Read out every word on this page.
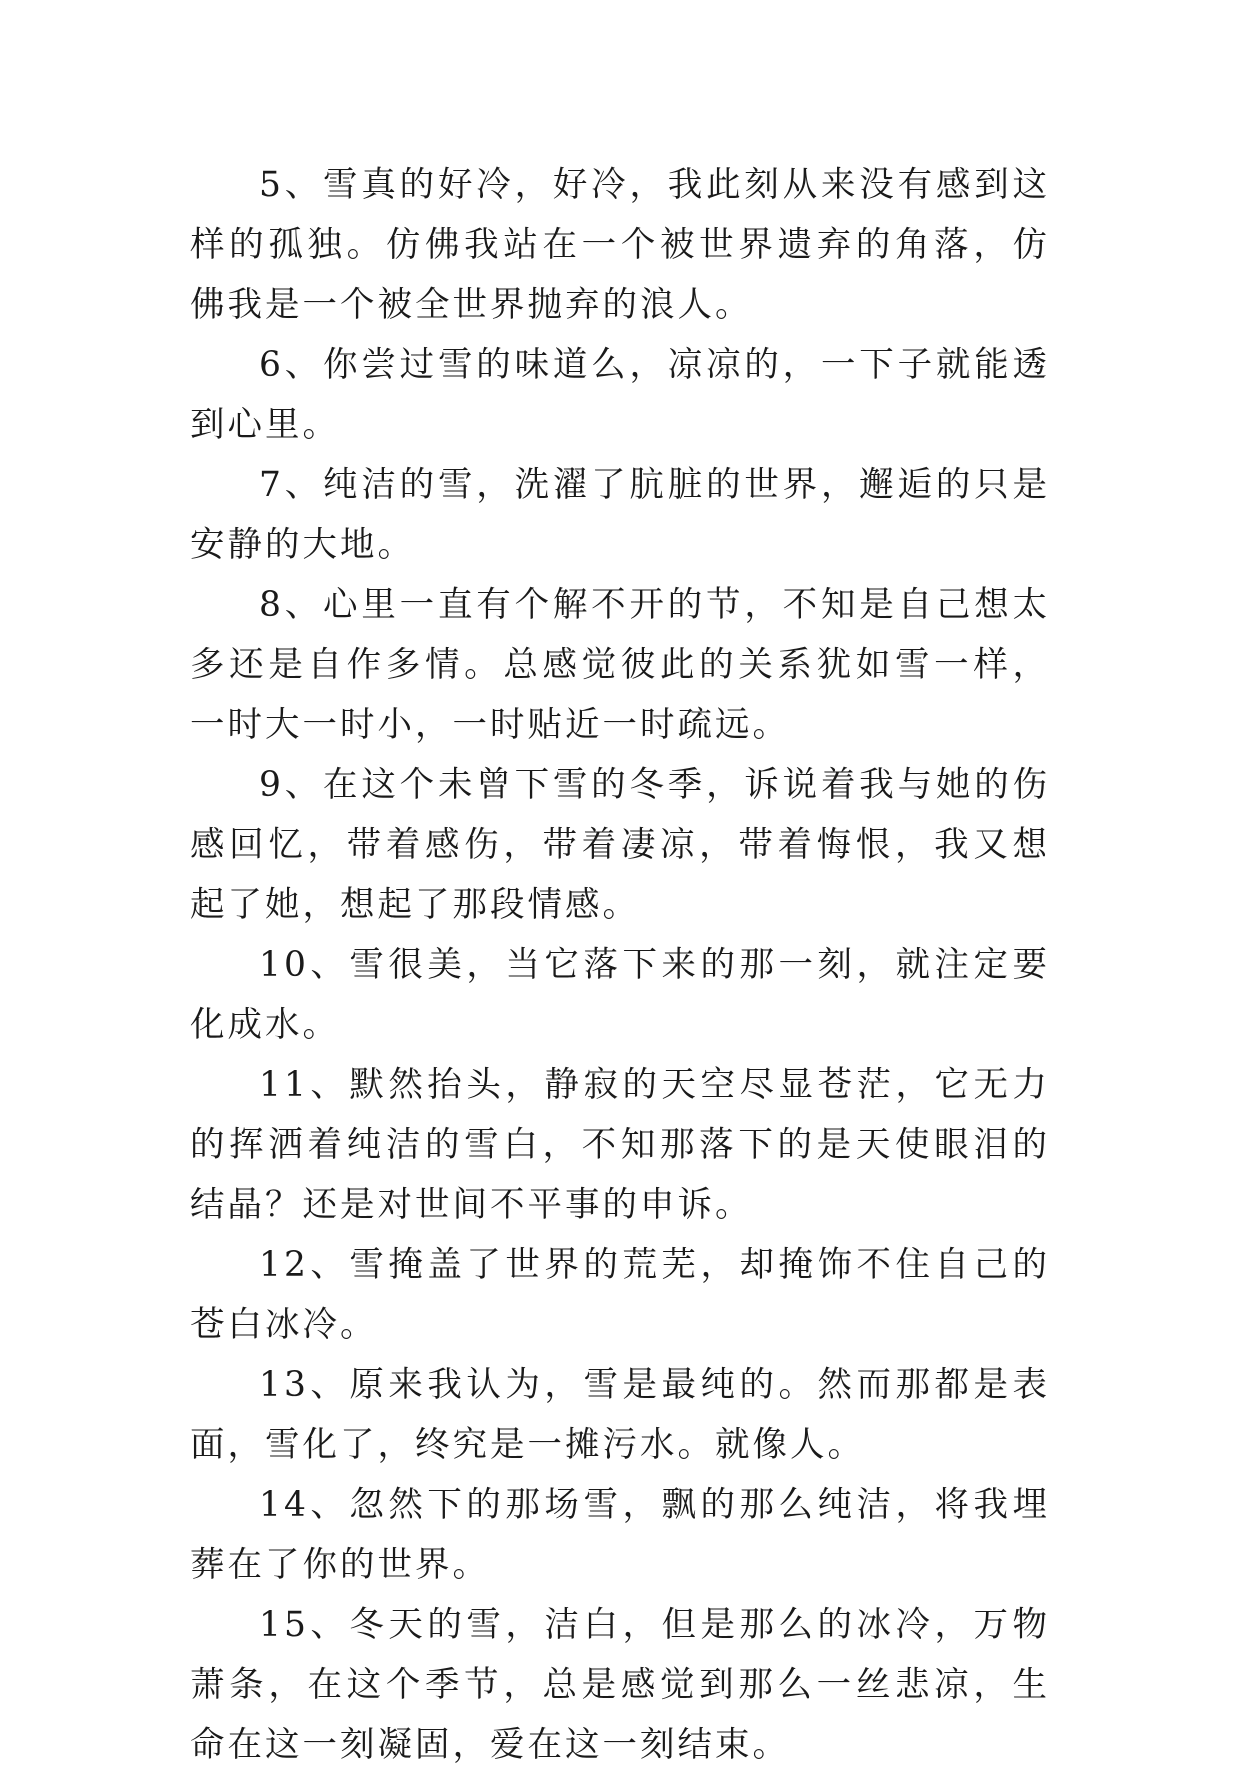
5、雪真的好冷，好冷，我此刻从来没有感到这样的孤独。仿佛我站在一个被世界遗弃的角落，仿佛我是一个被全世界抛弃的浪人。

6、你尝过雪的味道么，凉凉的，一下子就能透到心里。

7、纯洁的雪，洗濯了肮脏的世界，邂逅的只是安静的大地。

8、心里一直有个解不开的节，不知是自己想太多还是自作多情。总感觉彼此的关系犹如雪一样，一时大一时小，一时贴近一时疏远。

9、在这个未曾下雪的冬季，诉说着我与她的伤感回忆，带着感伤，带着凄凉，带着悔恨，我又想起了她，想起了那段情感。

10、雪很美，当它落下来的那一刻，就注定要化成水。

11、默然抬头，静寂的天空尽显苍茫，它无力的挥洒着纯洁的雪白，不知那落下的是天使眼泪的结晶？还是对世间不平事的申诉。

12、雪掩盖了世界的荒芜，却掩饰不住自己的苍白冰冷。

13、原来我认为，雪是最纯的。然而那都是表面，雪化了，终究是一摊污水。就像人。

14、忽然下的那场雪，飘的那么纯洁，将我埋葬在了你的世界。

15、冬天的雪，洁白，但是那么的冰冷，万物萧条，在这个季节，总是感觉到那么一丝悲凉，生命在这一刻凝固，爱在这一刻结束。
